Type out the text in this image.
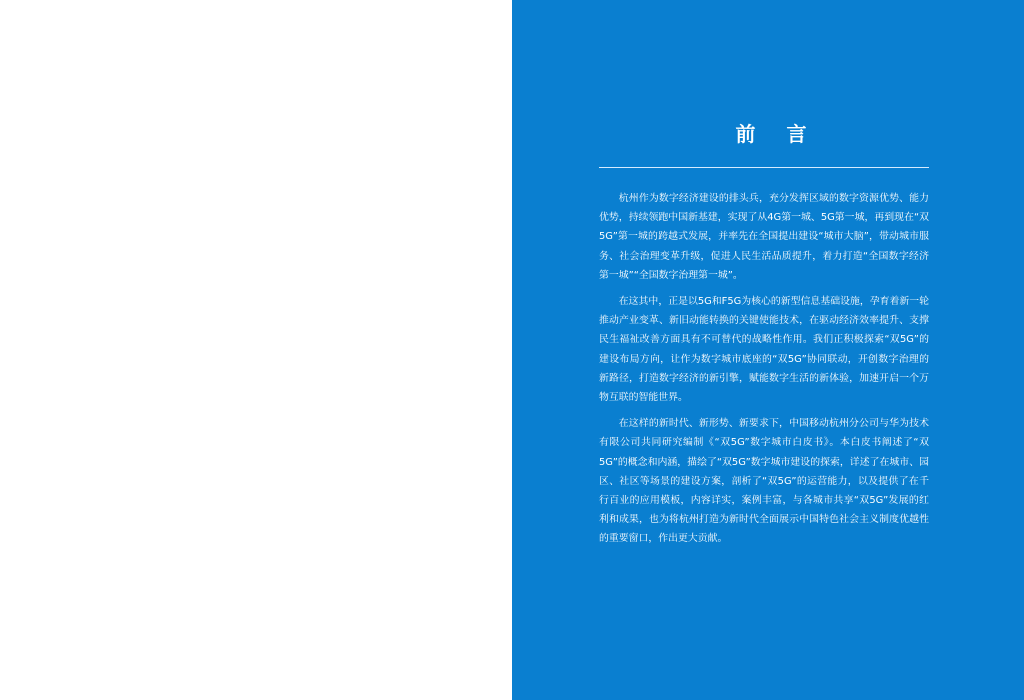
前 言

杭州作为数字经济建设的排头兵，充分发挥区域的数字资源优势、能力优势，持续领跑中国新基建，实现了从4G第一城、5G第一城，再到现在“双5G”第一城的跨越式发展，并率先在全国提出建设“城市大脑”，带动城市服务、社会治理变革升级，促进人民生活品质提升，着力打造“全国数字经济第一城”“全国数字治理第一城”。

在这其中，正是以5G和F5G为核心的新型信息基础设施，孕育着新一轮推动产业变革、新旧动能转换的关键使能技术，在驱动经济效率提升、支撑民生福祉改善方面具有不可替代的战略性作用。我们正积极探索“双5G”的建设布局方向，让作为数字城市底座的“双5G”协同联动，开创数字治理的新路径，打造数字经济的新引擎，赋能数字生活的新体验，加速开启一个万物互联的智能世界。

在这样的新时代、新形势、新要求下，中国移动杭州分公司与华为技术有限公司共同研究编制《“双5G”数字城市白皮书》。本白皮书阐述了“双5G”的概念和内涵，描绘了“双5G”数字城市建设的探索，详述了在城市、园区、社区等场景的建设方案，剖析了“双5G”的运营能力，以及提供了在千行百业的应用模板，内容详实，案例丰富，与各城市共享“双5G”发展的红利和成果，也为将杭州打造为新时代全面展示中国特色社会主义制度优越性的重要窗口，作出更大贡献。
